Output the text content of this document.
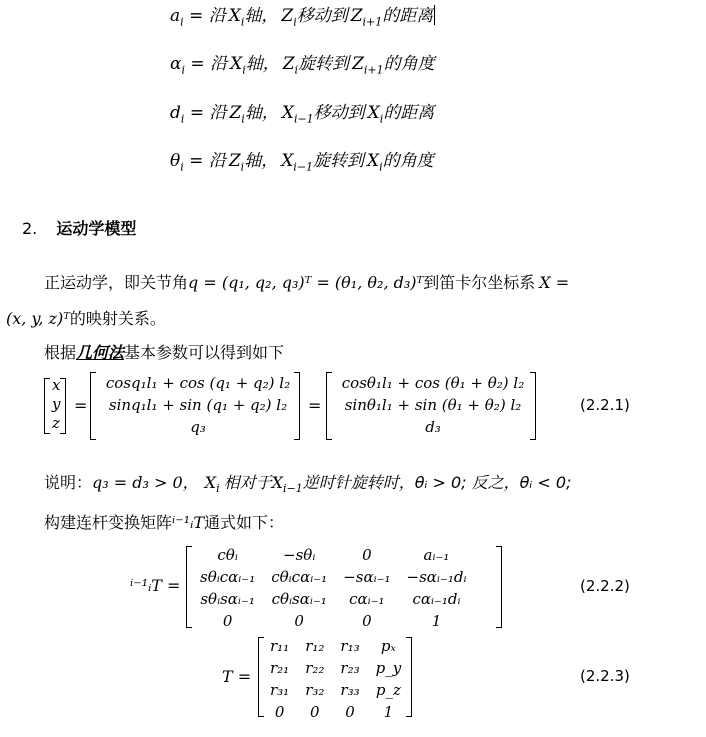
$a_i$ = 沿 $X_i$轴， $Z_i$移动到 $Z_{i+1}$的距离
$\alpha_i$ = 沿 $X_i$轴， $Z_i$旋转到 $Z_{i+1}$的角度
$d_i$ = 沿 $Z_i$轴， $X_{i-1}$移动到 $X_i$的距离
$\theta_i$ = 沿 $Z_i$轴， $X_{i-1}$旋转到 $X_i$的角度
2. 运动学模型
正运动学，即关节角q = (q₁, q₂, q₃)ᵀ = (θ₁, θ₂, d₃)ᵀ到笛卡尔坐标系 X =
(x, y, z)ᵀ的映射关系。
根据几何法基本参数可以得到如下
x
y
z
=
cosq₁l₁ + cos (q₁ + q₂) l₂
sinq₁l₁ + sin (q₁ + q₂) l₂
q₃
=
cosθ₁l₁ + cos (θ₁ + θ₂) l₂
sinθ₁l₁ + sin (θ₁ + θ₂) l₂
d₃
(2.2.1)
说明：q₃ = d₃ > 0， $X_i$ 相对于$X_{i-1}$逆时针旋转时，θᵢ > 0; 反之，θᵢ < 0;
构建连杆变换矩阵ⁱ⁻¹ᵢT通式如下：
ⁱ⁻¹ᵢT =
cθᵢ	−sθᵢ	0	aᵢ₋₁
sθᵢcαᵢ₋₁	cθᵢcαᵢ₋₁	−sαᵢ₋₁	−sαᵢ₋₁dᵢ
sθᵢsαᵢ₋₁	cθᵢsαᵢ₋₁	cαᵢ₋₁	cαᵢ₋₁dᵢ
0	0	0	1
(2.2.2)
T =
r₁₁	r₁₂	r₁₃	pₓ
r₂₁	r₂₂	r₂₃	p_y
r₃₁	r₃₂	r₃₃	p_z
0	0	0	1
(2.2.3)
